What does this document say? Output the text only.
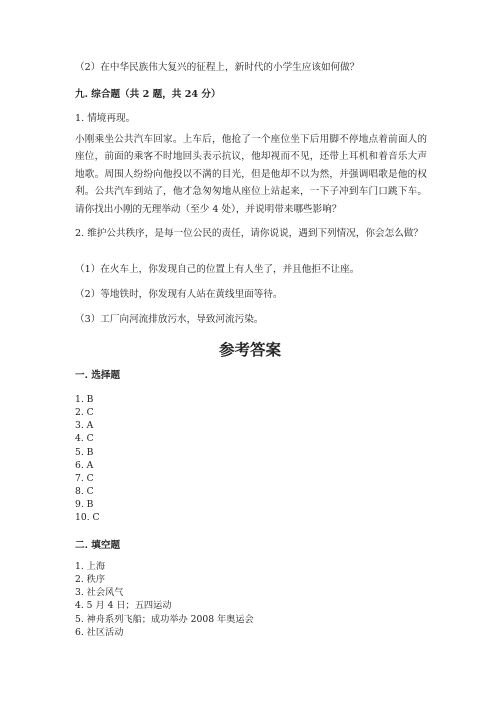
（2）在中华民族伟大复兴的征程上，新时代的小学生应该如何做？
九. 综合题（共 2 题，共 24 分）
1. 情境再现。
小刚乘坐公共汽车回家。上车后，他抢了一个座位坐下后用脚不停地点着前面人的座位，前面的乘客不时地回头表示抗议，他却视而不见，还带上耳机和着音乐大声地歌。周围人纷纷向他投以不满的目光，但是他却不以为然，并强调唱歌是他的权利。公共汽车到站了，他才急匆匆地从座位上站起来，一下子冲到车门口跳下车。请你找出小刚的无理举动（至少 4 处），并说明带来哪些影响？
2. 维护公共秩序，是每一位公民的责任，请你说说，遇到下列情况，你会怎么做？
（1）在火车上，你发现自己的位置上有人坐了，并且他拒不让座。
（2）等地铁时，你发现有人站在黄线里面等待。
（3）工厂向河流排放污水，导致河流污染。
参考答案
一. 选择题
1. B
2. C
3. A
4. C
5. B
6. A
7. C
8. C
9. B
10. C
二. 填空题
1. 上海
2. 秩序
3. 社会风气
4. 5 月 4 日；五四运动
5. 神舟系列飞船；成功举办 2008 年奥运会
6. 社区活动
